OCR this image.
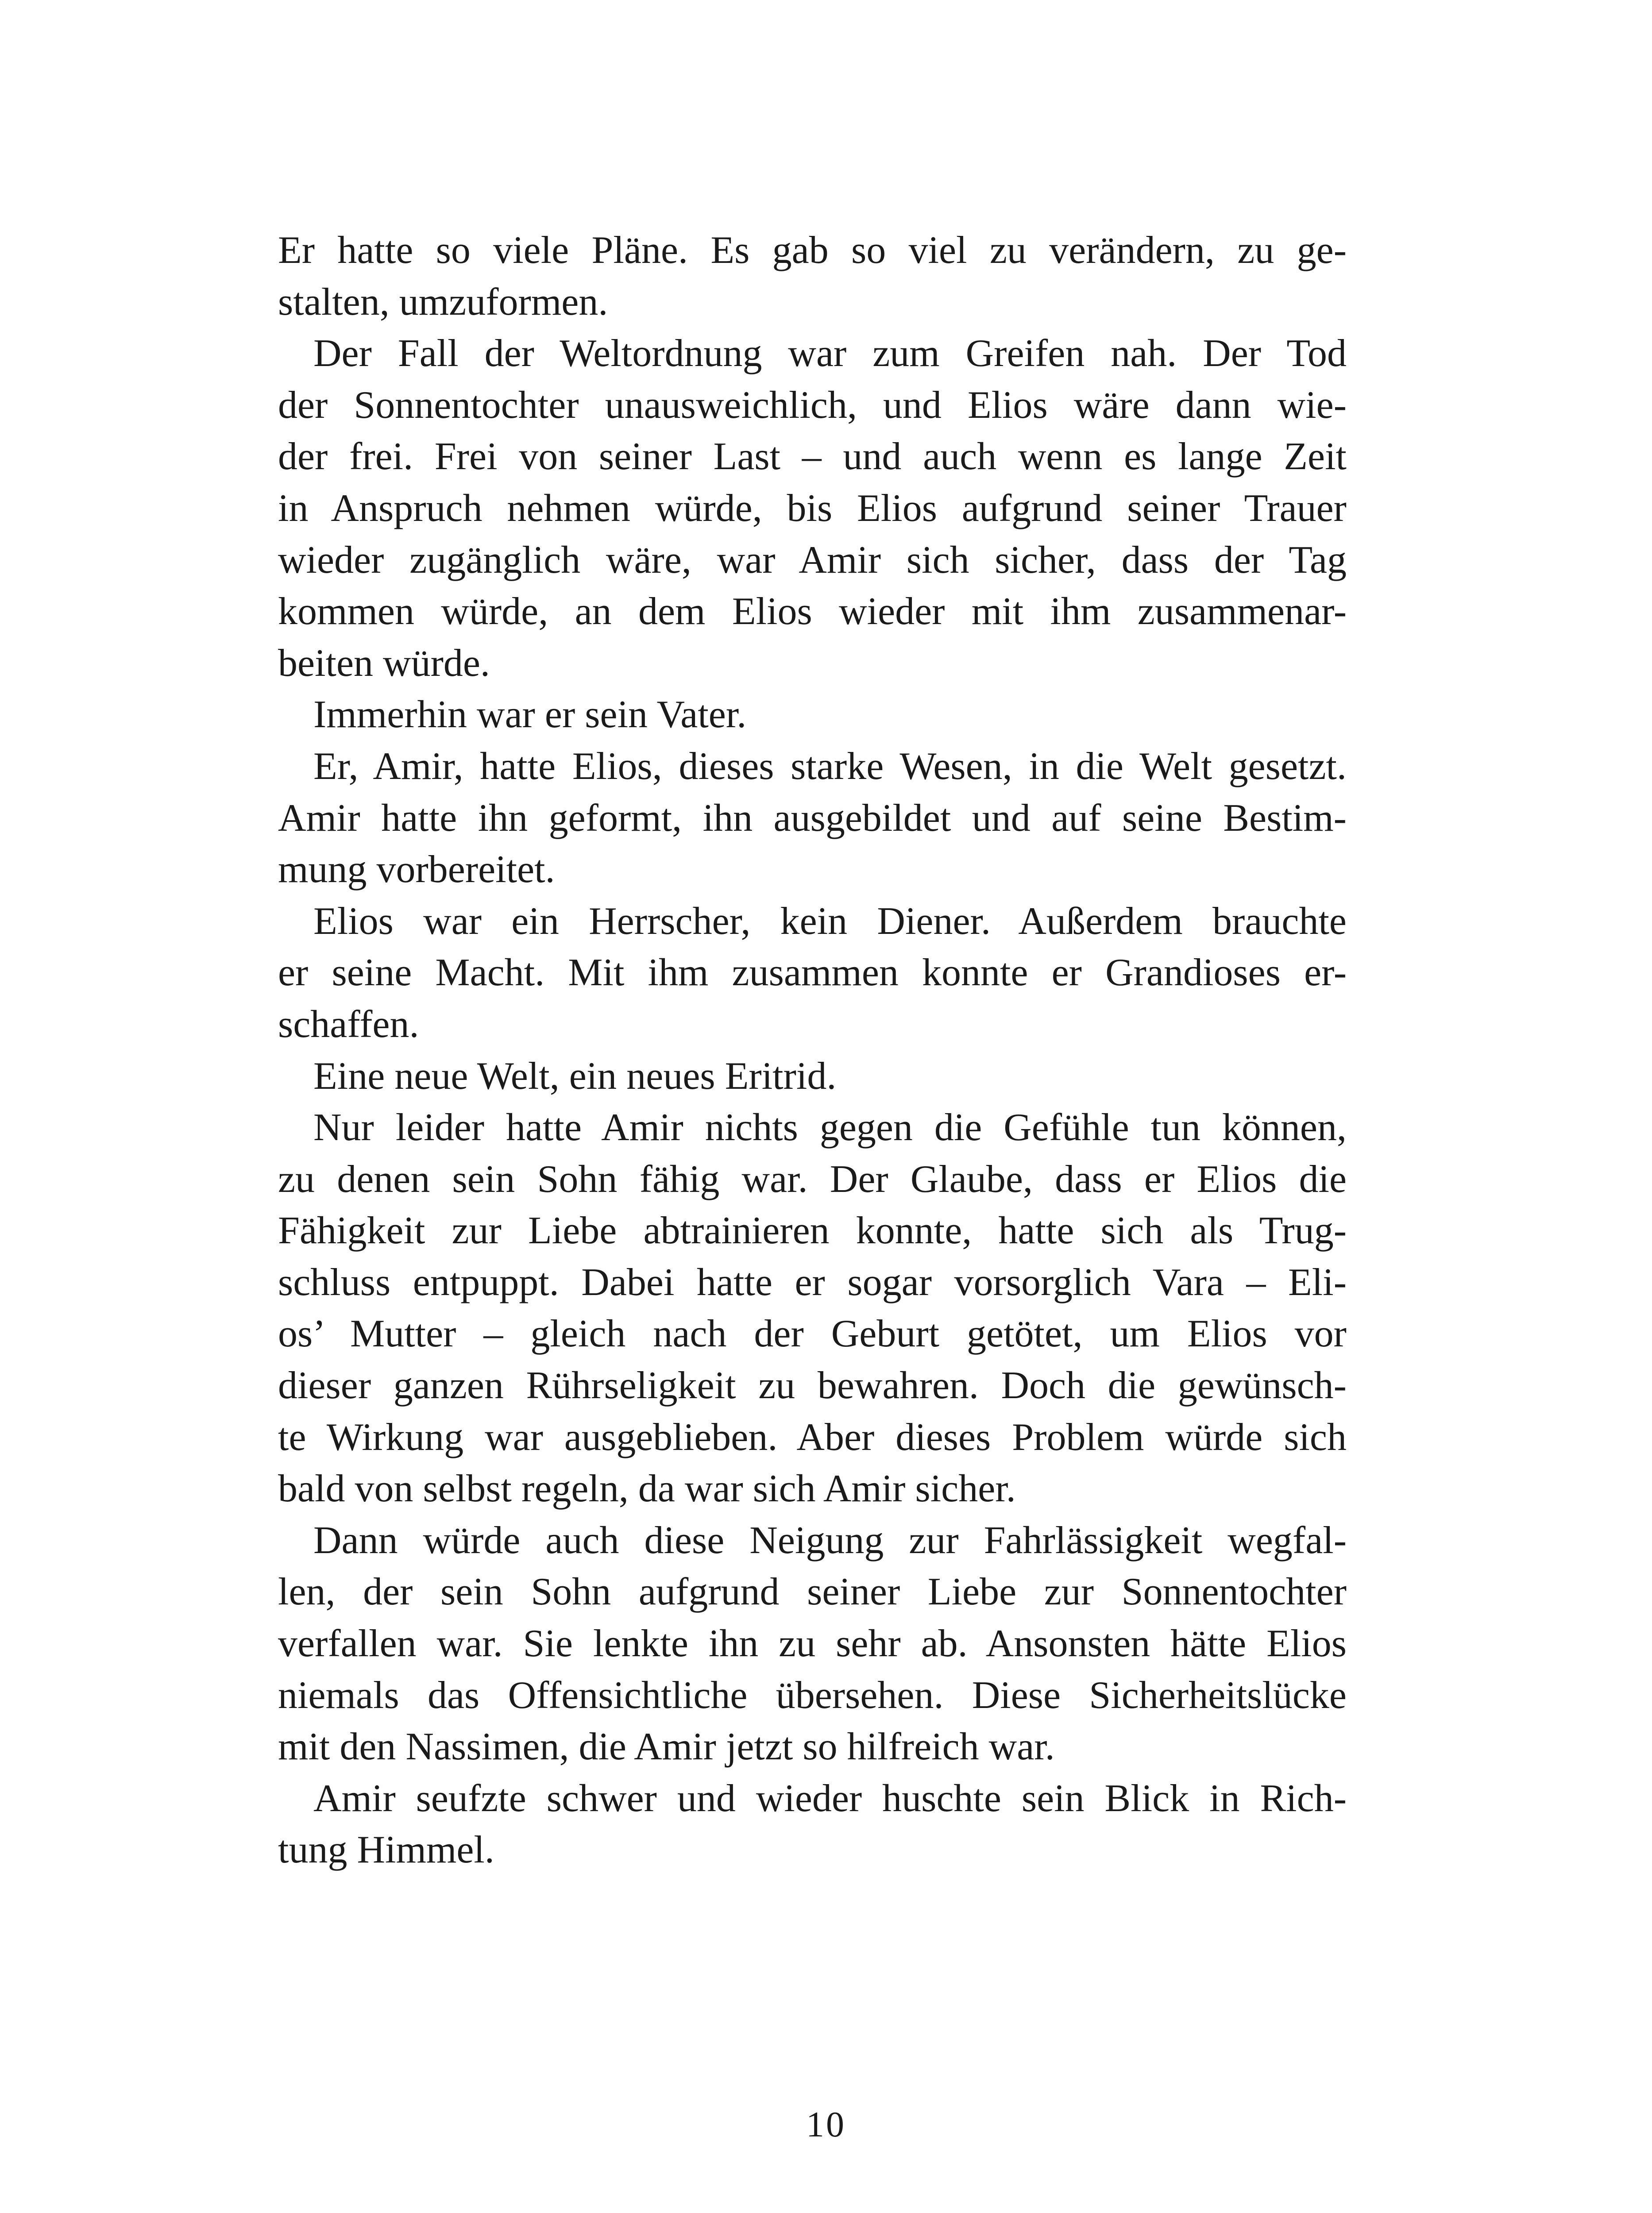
Er hatte so viele Pläne. Es gab so viel zu verändern, zu ge-
stalten, umzuformen.
Der Fall der Weltordnung war zum Greifen nah. Der Tod
der Sonnentochter unausweichlich, und Elios wäre dann wie-
der frei. Frei von seiner Last – und auch wenn es lange Zeit
in Anspruch nehmen würde, bis Elios aufgrund seiner Trauer
wieder zugänglich wäre, war Amir sich sicher, dass der Tag
kommen würde, an dem Elios wieder mit ihm zusammenar-
beiten würde.
Immerhin war er sein Vater.
Er, Amir, hatte Elios, dieses starke Wesen, in die Welt gesetzt.
Amir hatte ihn geformt, ihn ausgebildet und auf seine Bestim-
mung vorbereitet.
Elios war ein Herrscher, kein Diener. Außerdem brauchte
er seine Macht. Mit ihm zusammen konnte er Grandioses er-
schaffen.
Eine neue Welt, ein neues Eritrid.
Nur leider hatte Amir nichts gegen die Gefühle tun können,
zu denen sein Sohn fähig war. Der Glaube, dass er Elios die
Fähigkeit zur Liebe abtrainieren konnte, hatte sich als Trug-
schluss entpuppt. Dabei hatte er sogar vorsorglich Vara – Eli-
os’ Mutter – gleich nach der Geburt getötet, um Elios vor
dieser ganzen Rührseligkeit zu bewahren. Doch die gewünsch-
te Wirkung war ausgeblieben. Aber dieses Problem würde sich
bald von selbst regeln, da war sich Amir sicher.
Dann würde auch diese Neigung zur Fahrlässigkeit wegfal-
len, der sein Sohn aufgrund seiner Liebe zur Sonnentochter
verfallen war. Sie lenkte ihn zu sehr ab. Ansonsten hätte Elios
niemals das Offensichtliche übersehen. Diese Sicherheitslücke
mit den Nassimen, die Amir jetzt so hilfreich war.
Amir seufzte schwer und wieder huschte sein Blick in Rich-
tung Himmel.
10
